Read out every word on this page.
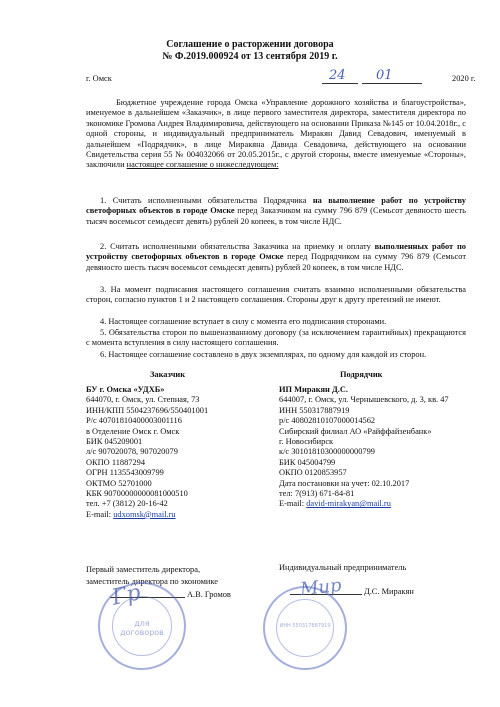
Соглашение о расторжении договора
№ Ф.2019.000924 от 13 сентября 2019 г.
г. Омск	24 01	2020 г.
Бюджетное учреждение города Омска «Управление дорожного хозяйства и благоустройства», именуемое в дальнейшем «Заказчик», в лице первого заместителя директора, заместителя директора по экономике Громова Андрея Владимировича, действующего на основании Приказа №145 от 10.04.2018г., с одной стороны, и индивидуальный предприниматель Миракян Давид Севадович, именуемый в дальнейшем «Подрядчик», в лице Миракяна Давида Севадовича, действующего на основании Свидетельства серия 55 № 004032066 от 20.05.2015г., с другой стороны, вместе именуемые «Стороны», заключили настоящее соглашение о нижеследующем:
1. Считать исполненными обязательства Подрядчика на выполнение работ по устройству светофорных объектов в городе Омске перед Заказчиком на сумму 796 879 (Семьсот девяносто шесть тысяч восемьсот семьдесят девять) рублей 20 копеек, в том числе НДС.
2. Считать исполненными обязательства Заказчика на приемку и оплату выполненных работ по устройству светофорных объектов в городе Омске перед Подрядчиком на сумму 796 879 (Семьсот девяносто шесть тысяч восемьсот семьдесят девять) рублей 20 копеек, в том числе НДС.
3. На момент подписания настоящего соглашения считать взаимно исполненными обязательства сторон, согласно пунктов 1 и 2 настоящего соглашения. Стороны друг к другу претензий не имеют.
4. Настоящее соглашение вступает в силу с момента его подписания сторонами.
5. Обязательства сторон по вышеназванному договору (за исключением гарантийных) прекращаются с момента вступления в силу настоящего соглашения.
6. Настоящее соглашение составлено в двух экземплярах, по одному для каждой из сторон.
Заказчик	Подрядчик
БУ г. Омска «УДХБ»
644070, г. Омск, ул. Степная, 73
ИНН/КПП 5504237696/550401001
Р/с 40701810400003001116
в Отделение Омск г. Омск
БИК 045209001
л/с 907020078, 907020079
ОКПО 11887294
ОГРН 1135543009799
ОКТМО 52701000
КБК 90700000000081000510
тел. +7 (3812) 20-16-42
E-mail: udxomsk@mail.ru
ИП Миракян Д.С.
644007, г. Омск, ул. Чернышевского, д. 3, кв. 47
ИНН 550317887919
р/с 40802810107000014562
Сибирский филиал АО «Райффайзенбанк»
г. Новосибирск
к/с 30101810300000000799
БИК 045004799
ОКПО 0120853957
Дата постановки на учет: 02.10.2017
тел: 7(913) 671-84-81
E-mail: david-mirakyan@mail.ru
Первый заместитель директора,
заместитель директора по экономике
А.В. Громов
для договоров
Гр
Индивидуальный предприниматель
Д.С. Миракян
ИНН 550317887919
Мир
